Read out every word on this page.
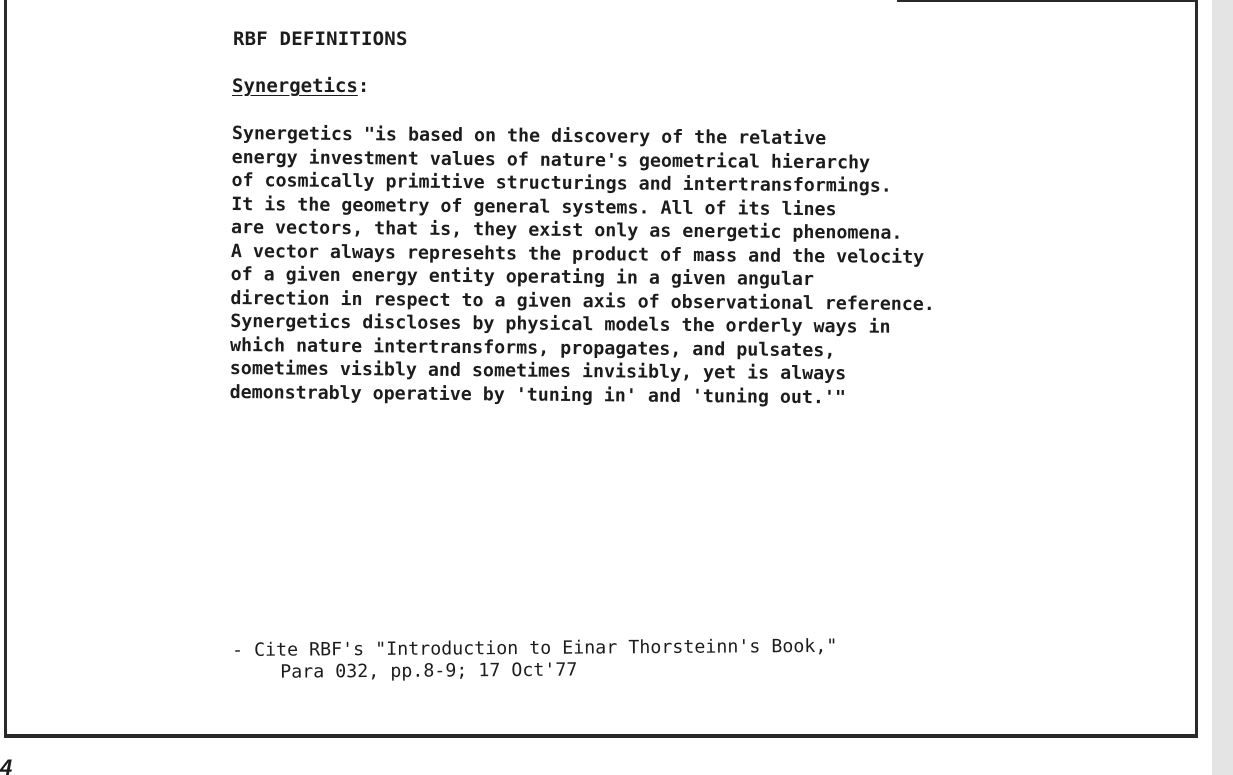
RBF DEFINITIONS
Synergetics:
Synergetics "is based on the discovery of the relative
energy investment values of nature's geometrical hierarchy
of cosmically primitive structurings and intertransformings.
It is the geometry of general systems. All of its lines
are vectors, that is, they exist only as energetic phenomena.
A vector always represehts the product of mass and the velocity
of a given energy entity operating in a given angular
direction in respect to a given axis of observational reference.
Synergetics discloses by physical models the orderly ways in
which nature intertransforms, propagates, and pulsates,
sometimes visibly and sometimes invisibly, yet is always
demonstrably operative by 'tuning in' and 'tuning out.'"
- Cite RBF's "Introduction to Einar Thorsteinn's Book,"
Para 032, pp.8-9; 17 Oct'77
4
